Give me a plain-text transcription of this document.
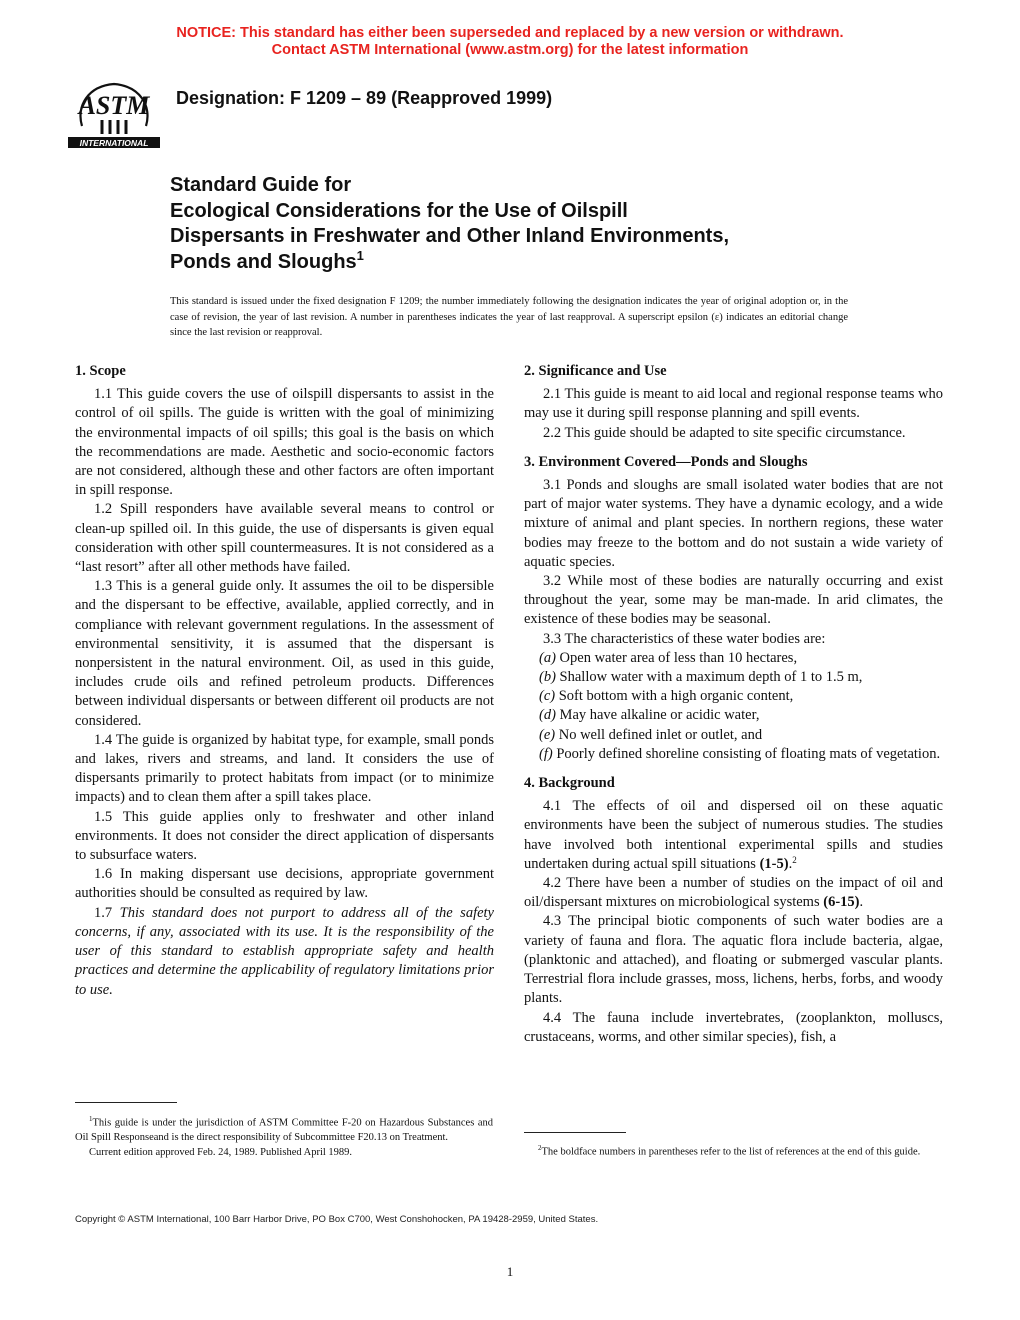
NOTICE: This standard has either been superseded and replaced by a new version or withdrawn.
Contact ASTM International (www.astm.org) for the latest information
ASTM
INTERNATIONAL
Designation: F 1209 – 89 (Reapproved 1999)
Standard Guide for
Ecological Considerations for the Use of Oilspill
Dispersants in Freshwater and Other Inland Environments,
Ponds and Sloughs$^1$
This standard is issued under the fixed designation F 1209; the number immediately following the designation indicates the year of original adoption or, in the case of revision, the year of last revision. A number in parentheses indicates the year of last reapproval. A superscript epsilon (ε) indicates an editorial change since the last revision or reapproval.
1. Scope

1.1 This guide covers the use of oilspill dispersants to assist in the control of oil spills. The guide is written with the goal of minimizing the environmental impacts of oil spills; this goal is the basis on which the recommendations are made. Aesthetic and socio-economic factors are not considered, although these and other factors are often important in spill response.

1.2 Spill responders have available several means to control or clean-up spilled oil. In this guide, the use of dispersants is given equal consideration with other spill countermeasures. It is not considered as a “last resort” after all other methods have failed.

1.3 This is a general guide only. It assumes the oil to be dispersible and the dispersant to be effective, available, applied correctly, and in compliance with relevant government regulations. In the assessment of environmental sensitivity, it is assumed that the dispersant is nonpersistent in the natural environment. Oil, as used in this guide, includes crude oils and refined petroleum products. Differences between individual dispersants or between different oil products are not considered.

1.4 The guide is organized by habitat type, for example, small ponds and lakes, rivers and streams, and land. It considers the use of dispersants primarily to protect habitats from impact (or to minimize impacts) and to clean them after a spill takes place.

1.5 This guide applies only to freshwater and other inland environments. It does not consider the direct application of dispersants to subsurface waters.

1.6 In making dispersant use decisions, appropriate government authorities should be consulted as required by law.

1.7 This standard does not purport to address all of the safety concerns, if any, associated with its use. It is the responsibility of the user of this standard to establish appropriate safety and health practices and determine the applicability of regulatory limitations prior to use.

2. Significance and Use

2.1 This guide is meant to aid local and regional response teams who may use it during spill response planning and spill events.

2.2 This guide should be adapted to site specific circumstance.

3. Environment Covered—Ponds and Sloughs

3.1 Ponds and sloughs are small isolated water bodies that are not part of major water systems. They have a dynamic ecology, and a wide mixture of animal and plant species. In northern regions, these water bodies may freeze to the bottom and do not sustain a wide variety of aquatic species.

3.2 While most of these bodies are naturally occurring and exist throughout the year, some may be man-made. In arid climates, the existence of these bodies may be seasonal.

3.3 The characteristics of these water bodies are:

(a) Open water area of less than 10 hectares,

(b) Shallow water with a maximum depth of 1 to 1.5 m,

(c) Soft bottom with a high organic content,

(d) May have alkaline or acidic water,

(e) No well defined inlet or outlet, and

(f) Poorly defined shoreline consisting of floating mats of vegetation.

4. Background

4.1 The effects of oil and dispersed oil on these aquatic environments have been the subject of numerous studies. The studies have involved both intentional experimental spills and studies undertaken during actual spill situations (1-5).$^2$

4.2 There have been a number of studies on the impact of oil and oil/dispersant mixtures on microbiological systems (6-15).

4.3 The principal biotic components of such water bodies are a variety of fauna and flora. The aquatic flora include bacteria, algae, (planktonic and attached), and floating or submerged vascular plants. Terrestrial flora include grasses, moss, lichens, herbs, forbs, and woody plants.

4.4 The fauna include invertebrates, (zooplankton, molluscs, crustaceans, worms, and other similar species), fish, a

$^1$This guide is under the jurisdiction of ASTM Committee F-20 on Hazardous Substances and Oil Spill Responseand is the direct responsibility of Subcommittee F20.13 on Treatment.

Current edition approved Feb. 24, 1989. Published April 1989.	$^2$The boldface numbers in parentheses refer to the list of references at the end of this guide.

Copyright © ASTM International, 100 Barr Harbor Drive, PO Box C700, West Conshohocken, PA 19428-2959, United States.
1
